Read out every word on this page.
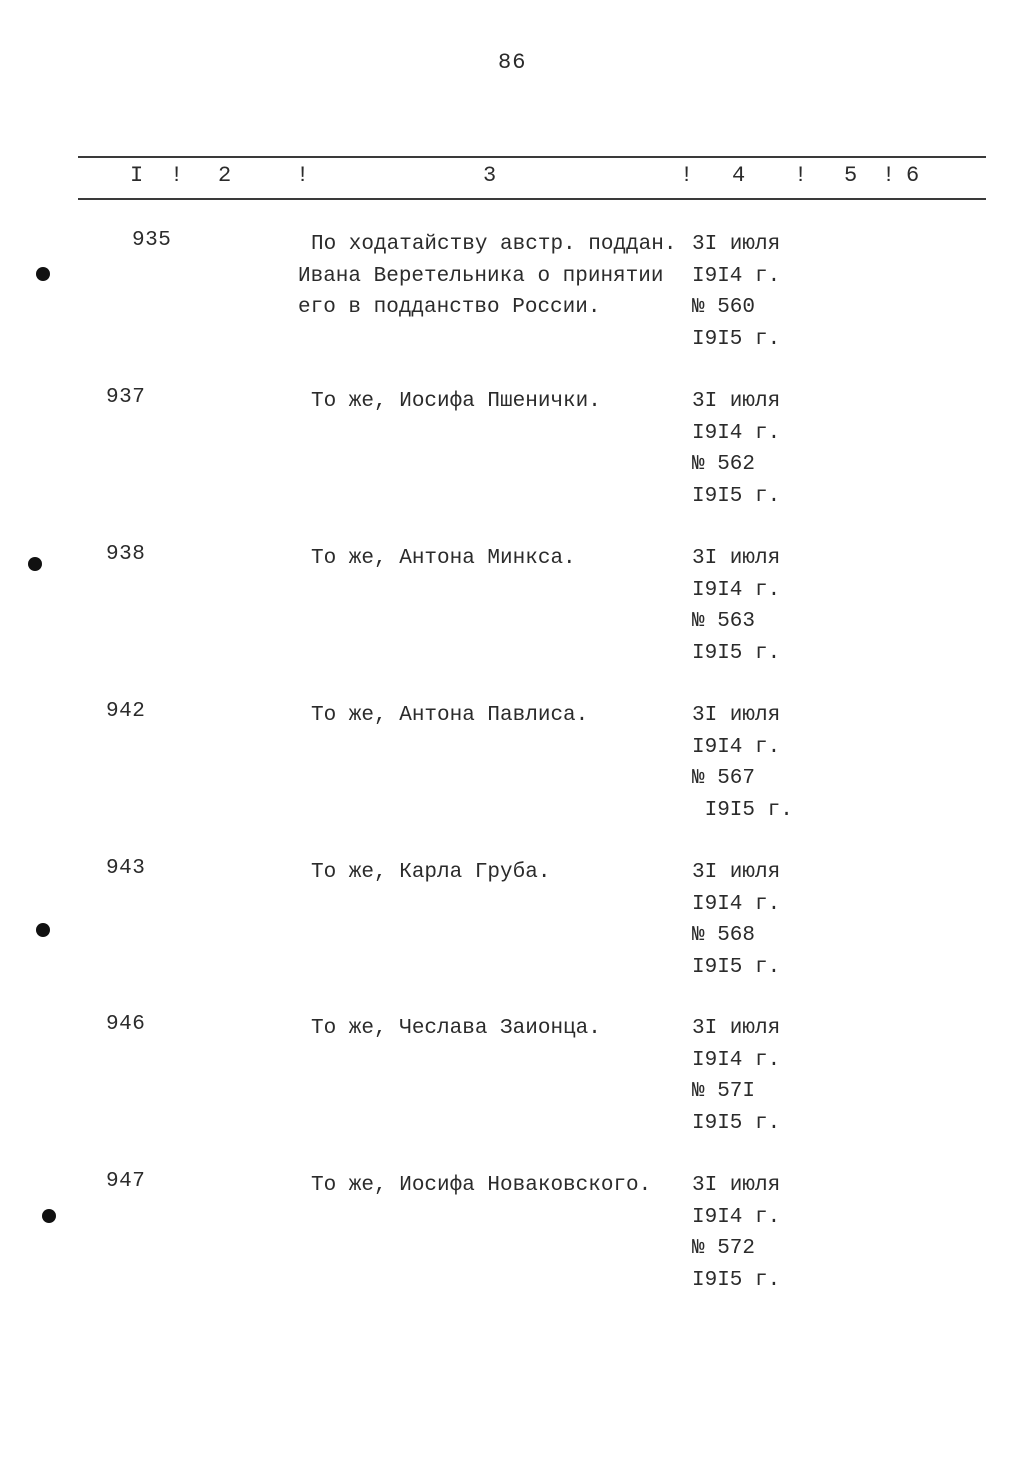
86
I ! 2	!	3	! 4 ! 5 ! 6
935	По ходатайству австр. поддан.
Ивана Веретельника о принятии
его в подданство России.
3I июля
I9I4 г.
№ 560
I9I5 г.
937	То же, Иосифа Пшенички.	3I июля
I9I4 г.
№ 562
I9I5 г.
938	То же, Антона Минкса.	3I июля
I9I4 г.
№ 563
I9I5 г.
942	То же, Антона Павлиса.	3I июля
I9I4 г.
№ 567
I9I5 г.
943	То же, Карла Груба.	3I июля
I9I4 г.
№ 568
I9I5 г.
946	То же, Чеслава Заионца.	3I июля
I9I4 г.
№ 57I
I9I5 г.
947	То же, Иосифа Новаковского.	3I июля
I9I4 г.
№ 572
I9I5 г.
